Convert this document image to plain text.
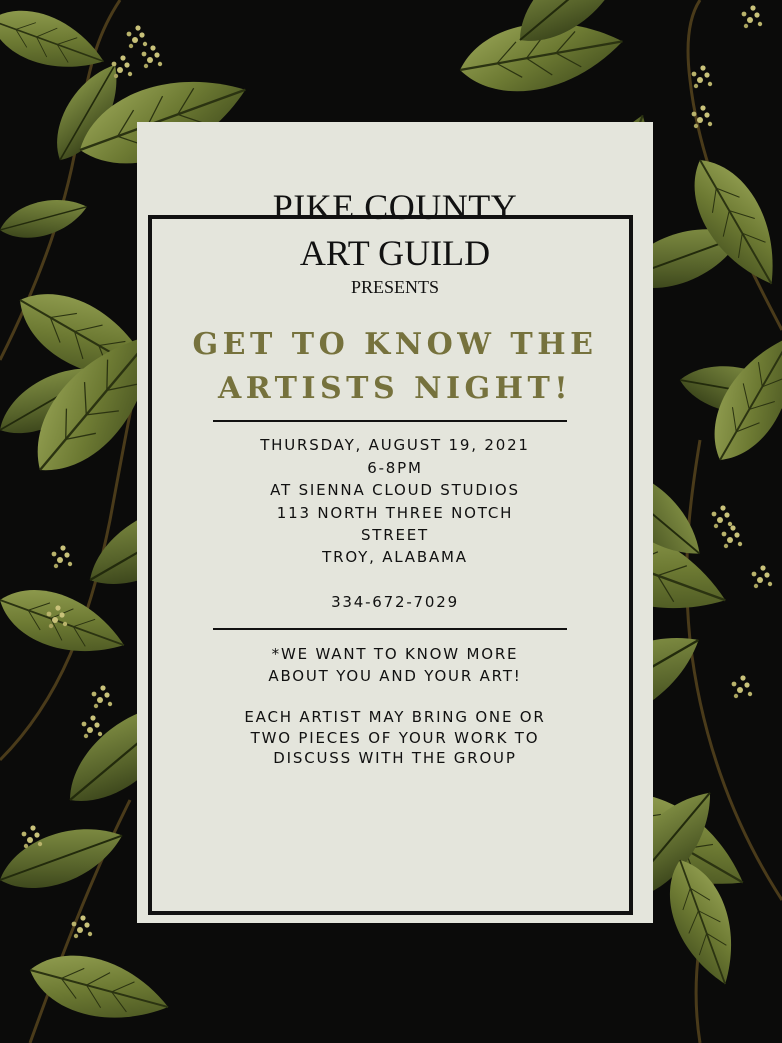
PIKE COUNTY
ART GUILD
PRESENTS
GET TO KNOW THE
ARTISTS NIGHT!
THURSDAY, AUGUST 19, 2021
6-8PM
AT SIENNA CLOUD STUDIOS
113 NORTH THREE NOTCH
STREET
TROY, ALABAMA
334-672-7029
*WE WANT TO KNOW MORE
ABOUT YOU AND YOUR ART!
EACH ARTIST MAY BRING ONE OR
TWO PIECES OF YOUR WORK TO
DISCUSS WITH THE GROUP
